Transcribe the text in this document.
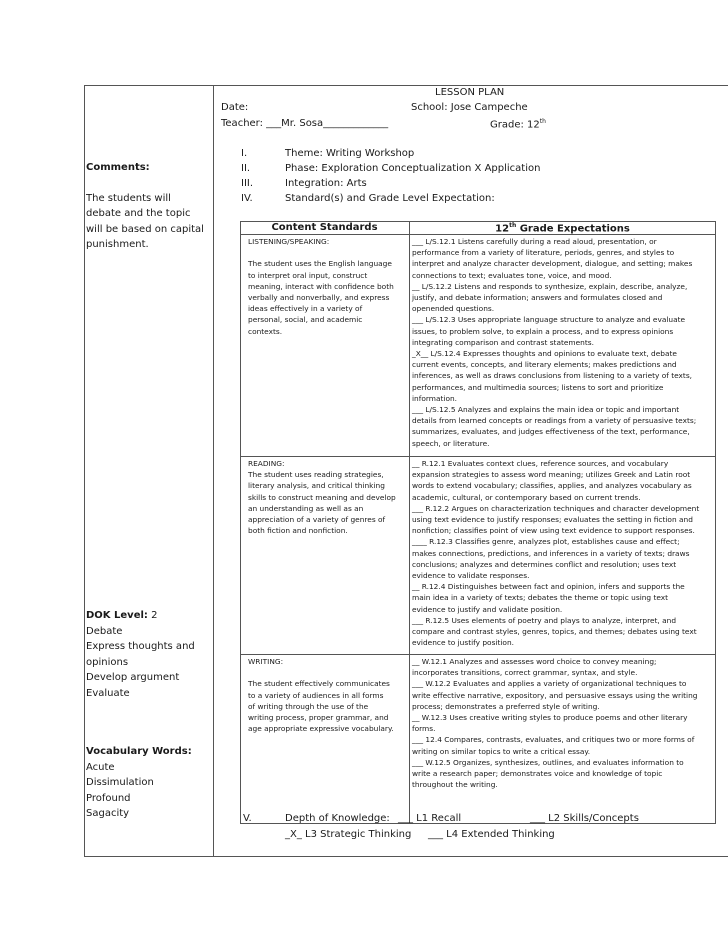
LESSON PLAN
Date:	School: Jose Campeche
Teacher: ___Mr. Sosa_____________	Grade: 12th
Comments:
The students will
debate and the topic
will be based on capital
punishment.
DOK Level: 2
Debate
Express thoughts and
opinions
Develop argument
Evaluate
Vocabulary Words:
Acute
Dissimulation
Profound
Sagacity
I.	Theme: Writing Workshop
II.	Phase: Exploration Conceptualization X Application
III.	Integration: Arts
IV.	Standard(s) and Grade Level Expectation:
Content Standards	12th Grade Expectations
LISTENING/SPEAKING:

The student uses the English language
to interpret oral input, construct
meaning, interact with confidence both
verbally and nonverbally, and express
ideas effectively in a variety of
personal, social, and academic
contexts.
___ L/S.12.1 Listens carefully during a read aloud, presentation, or
performance from a variety of literature, periods, genres, and styles to
interpret and analyze character development, dialogue, and setting; makes
connections to text; evaluates tone, voice, and mood.
__ L/S.12.2 Listens and responds to synthesize, explain, describe, analyze,
justify, and debate information; answers and formulates closed and
openended questions.
___ L/S.12.3 Uses appropriate language structure to analyze and evaluate
issues, to problem solve, to explain a process, and to express opinions
integrating comparison and contrast statements.
_X__ L/S.12.4 Expresses thoughts and opinions to evaluate text, debate
current events, concepts, and literary elements; makes predictions and
inferences, as well as draws conclusions from listening to a variety of texts,
performances, and multimedia sources; listens to sort and prioritize
information.
___ L/S.12.5 Analyzes and explains the main idea or topic and important
details from learned concepts or readings from a variety of persuasive texts;
summarizes, evaluates, and judges effectiveness of the text, performance,
speech, or literature.
READING:
The student uses reading strategies,
literary analysis, and critical thinking
skills to construct meaning and develop
an understanding as well as an
appreciation of a variety of genres of
both fiction and nonfiction.
__ R.12.1 Evaluates context clues, reference sources, and vocabulary
expansion strategies to assess word meaning; utilizes Greek and Latin root
words to extend vocabulary; classifies, applies, and analyzes vocabulary as
academic, cultural, or contemporary based on current trends.
___ R.12.2 Argues on characterization techniques and character development
using text evidence to justify responses; evaluates the setting in fiction and
nonfiction; classifies point of view using text evidence to support responses.
____ R.12.3 Classifies genre, analyzes plot, establishes cause and effect;
makes connections, predictions, and inferences in a variety of texts; draws
conclusions; analyzes and determines conflict and resolution; uses text
evidence to validate responses.
__ R.12.4 Distinguishes between fact and opinion, infers and supports the
main idea in a variety of texts; debates the theme or topic using text
evidence to justify and validate position.
___ R.12.5 Uses elements of poetry and plays to analyze, interpret, and
compare and contrast styles, genres, topics, and themes; debates using text
evidence to justify position.
WRITING:

The student effectively communicates
to a variety of audiences in all forms
of writing through the use of the
writing process, proper grammar, and
age appropriate expressive vocabulary.
__ W.12.1 Analyzes and assesses word choice to convey meaning;
incorporates transitions, correct grammar, syntax, and style.
___ W.12.2 Evaluates and applies a variety of organizational techniques to
write effective narrative, expository, and persuasive essays using the writing
process; demonstrates a preferred style of writing.
__ W.12.3 Uses creative writing styles to produce poems and other literary
forms.
___ 12.4 Compares, contrasts, evaluates, and critiques two or more forms of
writing on similar topics to write a critical essay.
___ W.12.5 Organizes, synthesizes, outlines, and evaluates information to
write a research paper; demonstrates voice and knowledge of topic
throughout the writing.
V.	Depth of Knowledge: ___ L1 Recall	___ L2 Skills/Concepts
_X_ L3 Strategic Thinking ___ L4 Extended Thinking
